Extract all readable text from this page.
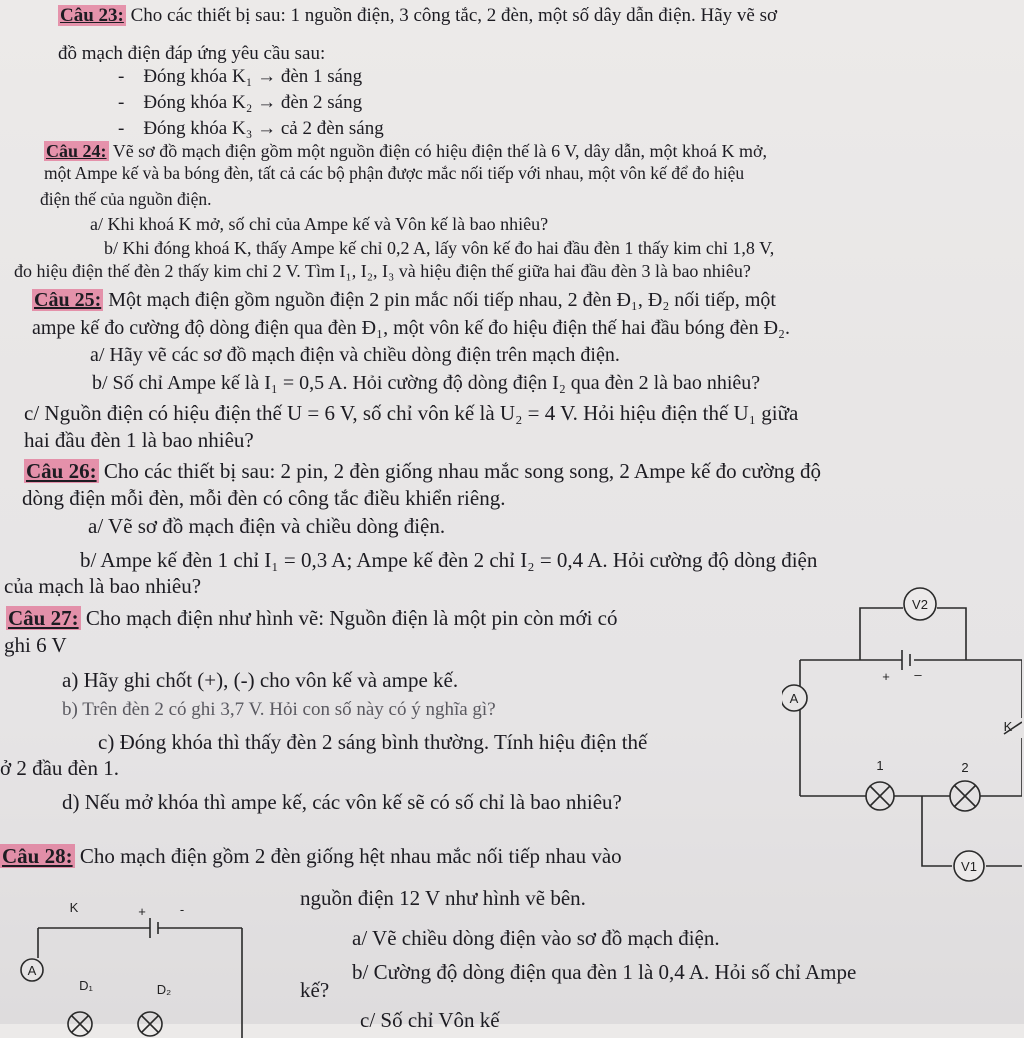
Câu 23: Cho các thiết bị sau: 1 nguồn điện, 3 công tắc, 2 đèn, một số dây dẫn điện. Hãy vẽ sơ
đồ mạch điện đáp ứng yêu cầu sau:
-    Đóng khóa K₁ → đèn 1 sáng
-    Đóng khóa K₂ → đèn 2 sáng
-    Đóng khóa K₃ → cả 2 đèn sáng
Câu 24: Vẽ sơ đồ mạch điện gồm một nguồn điện có hiệu điện thế là 6 V, dây dẫn, một khoá K mở,
một Ampe kế và ba bóng đèn, tất cả các bộ phận được mắc nối tiếp với nhau, một vôn kế để đo hiệu
điện thế của nguồn điện.
a/ Khi khoá K mở, số chỉ của Ampe kế và Vôn kế là bao nhiêu?
b/ Khi đóng khoá K, thấy Ampe kế chỉ 0,2 A, lấy vôn kế đo hai đầu đèn 1 thấy kim chỉ 1,8 V,
đo hiệu điện thế đèn 2 thấy kim chỉ 2 V. Tìm I₁, I₂, I₃ và hiệu điện thế giữa hai đầu đèn 3 là bao nhiêu?
Câu 25: Một mạch điện gồm nguồn điện 2 pin mắc nối tiếp nhau, 2 đèn Đ₁, Đ₂ nối tiếp, một
ampe kế đo cường độ dòng điện qua đèn Đ₁, một vôn kế đo hiệu điện thế hai đầu bóng đèn Đ₂.
a/ Hãy vẽ các sơ đồ mạch điện và chiều dòng điện trên mạch điện.
b/ Số chỉ Ampe kế là I₁ = 0,5 A. Hỏi cường độ dòng điện I₂ qua đèn 2 là bao nhiêu?
c/ Nguồn điện có hiệu điện thế U = 6 V, số chỉ vôn kế là U₂ = 4 V. Hỏi hiệu điện thế U₁ giữa
hai đầu đèn 1 là bao nhiêu?
Câu 26: Cho các thiết bị sau: 2 pin, 2 đèn giống nhau mắc song song, 2 Ampe kế đo cường độ
dòng điện mỗi đèn, mỗi đèn có công tắc điều khiển riêng.
a/ Vẽ sơ đồ mạch điện và chiều dòng điện.
b/ Ampe kế đèn 1 chỉ I₁ = 0,3 A; Ampe kế đèn 2 chỉ I₂ = 0,4 A. Hỏi cường độ dòng điện
của mạch là bao nhiêu?
Câu 27: Cho mạch điện như hình vẽ: Nguồn điện là một pin còn mới có
ghi 6 V
a) Hãy ghi chốt (+), (-) cho vôn kế và ampe kế.
b) Trên đèn 2 có ghi 3,7 V. Hỏi con số này có ý nghĩa gì?
c) Đóng khóa thì thấy đèn 2 sáng bình thường. Tính hiệu điện thế
ở 2 đầu đèn 1.
d) Nếu mở khóa thì ampe kế, các vôn kế sẽ có số chỉ là bao nhiêu?
V2
+ –
A
K
1	2
V1
Câu 28: Cho mạch điện gồm 2 đèn giống hệt nhau mắc nối tiếp nhau vào
nguồn điện 12 V như hình vẽ bên.
a/ Vẽ chiều dòng điện vào sơ đồ mạch điện.
b/ Cường độ dòng điện qua đèn 1 là 0,4 A. Hỏi số chỉ Ampe
kế?
c/ Số chỉ Vôn kế
K	+	-
A
D₁	D₂
